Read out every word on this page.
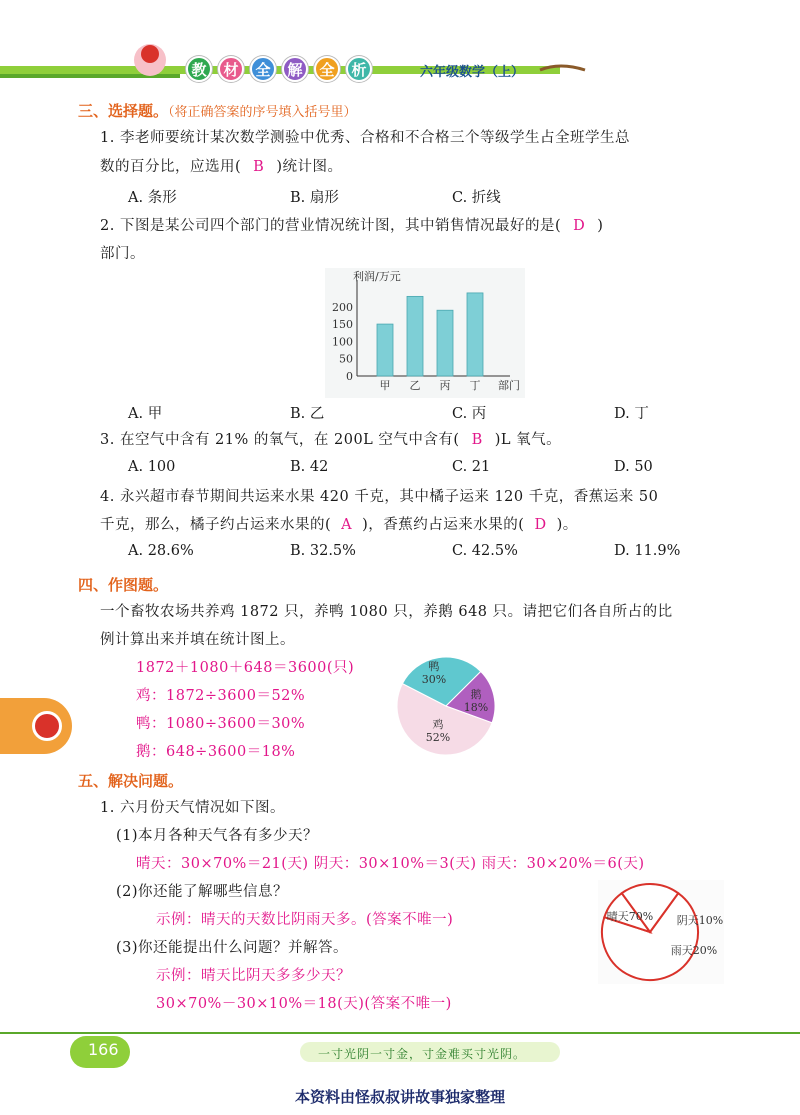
教	材	全	解	全	析	六年级数学（上）
三、选择题。（将正确答案的序号填入括号里）
1. 李老师要统计某次数学测验中优秀、合格和不合格三个等级学生占全班学生总
数的百分比，应选用( B )统计图。
A. 条形	B. 扇形	C. 折线
2. 下图是某公司四个部门的营业情况统计图，其中销售情况最好的是( D )
部门。
利润/万元
0
50
100
150
200
甲 乙 丙 丁 部门
A. 甲	B. 乙	C. 丙	D. 丁
3. 在空气中含有 21% 的氧气，在 200L 空气中含有( B )L 氧气。
A. 100	B. 42	C. 21	D. 50
4. 永兴超市春节期间共运来水果 420 千克，其中橘子运来 120 千克，香蕉运来 50
千克，那么，橘子约占运来水果的( A )，香蕉约占运来水果的( D )。
A. 28.6%	B. 32.5%	C. 42.5%	D. 11.9%
四、作图题。
一个畜牧农场共养鸡 1872 只，养鸭 1080 只，养鹅 648 只。请把它们各自所占的比
例计算出来并填在统计图上。
1872＋1080＋648＝3600(只)
鸡：1872÷3600＝52%
鸭：1080÷3600＝30%
鹅：648÷3600＝18%
鸡
52%
鸭
30%
鹅
18%
五、解决问题。
1. 六月份天气情况如下图。
(1)本月各种天气各有多少天？
晴天：30×70%＝21(天) 阴天：30×10%＝3(天) 雨天：30×20%＝6(天)
(2)你还能了解哪些信息？
示例：晴天的天数比阴雨天多。(答案不唯一)
(3)你还能提出什么问题？并解答。
示例：晴天比阴天多多少天？
30×70%－30×10%＝18(天)(答案不唯一)
晴天70% 阴天10%
雨天20%
166	一寸光阴一寸金，寸金难买寸光阴。
本资料由怪叔叔讲故事独家整理
